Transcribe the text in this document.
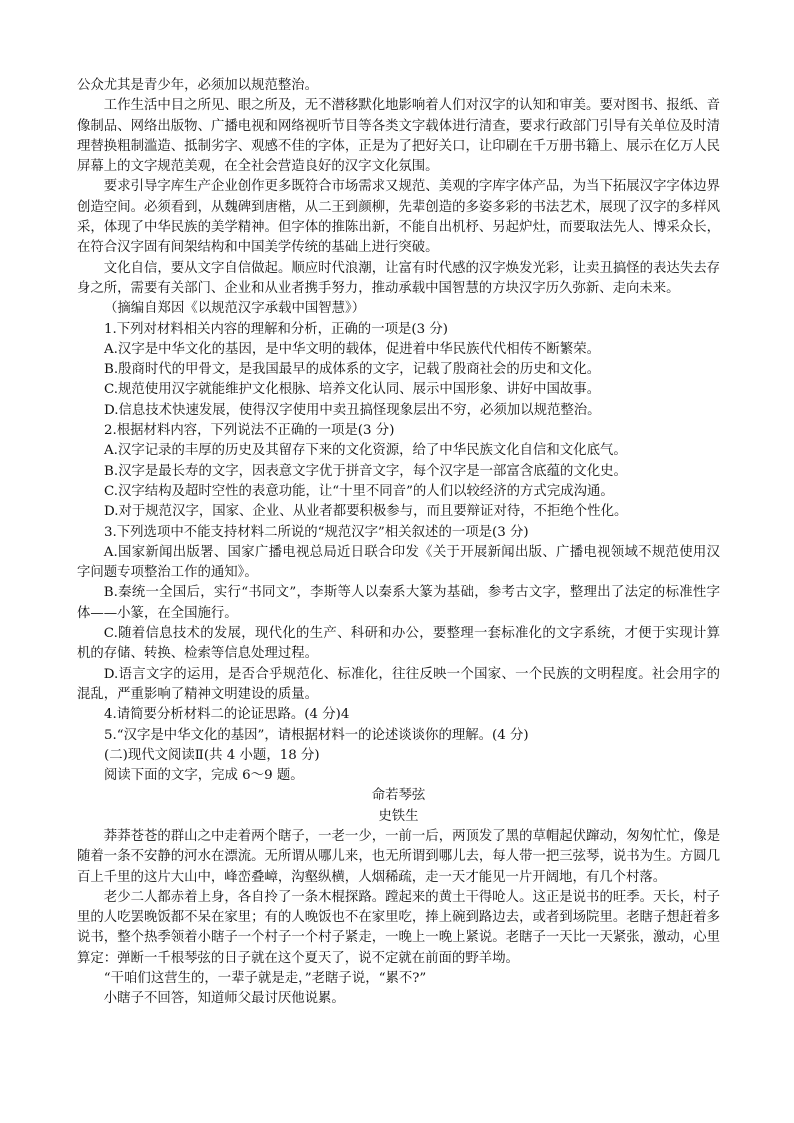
公众尤其是青少年，必须加以规范整治。

工作生活中目之所见、眼之所及，无不潜移默化地影响着人们对汉字的认知和审美。要对图书、报纸、音像制品、网络出版物、广播电视和网络视听节目等各类文字载体进行清查，要求行政部门引导有关单位及时清理替换粗制滥造、抵制劣字、观感不佳的字体，正是为了把好关口，让印刷在千万册书籍上、展示在亿万人民屏幕上的文字规范美观，在全社会营造良好的汉字文化氛围。

要求引导字库生产企业创作更多既符合市场需求又规范、美观的字库字体产品，为当下拓展汉字字体边界创造空间。必须看到，从魏碑到唐楷，从二王到颜柳，先辈创造的多姿多彩的书法艺术，展现了汉字的多样风采，体现了中华民族的美学精神。但字体的推陈出新，不能自出机杼、另起炉灶，而要取法先人、博采众长，在符合汉字固有间架结构和中国美学传统的基础上进行突破。

文化自信，要从文字自信做起。顺应时代浪潮，让富有时代感的汉字焕发光彩，让卖丑搞怪的表达失去存身之所，需要有关部门、企业和从业者携手努力，推动承载中国智慧的方块汉字历久弥新、走向未来。

（摘编自郑因《以规范汉字承载中国智慧》）

1.下列对材料相关内容的理解和分析，正确的一项是(3 分)

A.汉字是中华文化的基因，是中华文明的载体，促进着中华民族代代相传不断繁荣。

B.殷商时代的甲骨文，是我国最早的成体系的文字，记载了殷商社会的历史和文化。

C.规范使用汉字就能维护文化根脉、培养文化认同、展示中国形象、讲好中国故事。

D.信息技术快速发展，使得汉字使用中卖丑搞怪现象层出不穷，必须加以规范整治。

2.根据材料内容，下列说法不正确的一项是(3 分)

A.汉字记录的丰厚的历史及其留存下来的文化资源，给了中华民族文化自信和文化底气。

B.汉字是最长寿的文字，因表意文字优于拼音文字，每个汉字是一部富含底蕴的文化史。

C.汉字结构及超时空性的表意功能，让“十里不同音”的人们以较经济的方式完成沟通。

D.对于规范汉字，国家、企业、从业者都要积极参与，而且要辩证对待，不拒绝个性化。

3.下列选项中不能支持材料二所说的“规范汉字”相关叙述的一项是(3 分)

A.国家新闻出版署、国家广播电视总局近日联合印发《关于开展新闻出版、广播电视领域不规范使用汉字问题专项整治工作的通知》。

B.秦统一全国后，实行“书同文”，李斯等人以秦系大篆为基础，参考古文字，整理出了法定的标准性字体——小篆，在全国施行。

C.随着信息技术的发展，现代化的生产、科研和办公，要整理一套标准化的文字系统，才便于实现计算机的存储、转换、检索等信息处理过程。

D.语言文字的运用，是否合乎规范化、标准化，往往反映一个国家、一个民族的文明程度。社会用字的混乱，严重影响了精神文明建设的质量。

4.请简要分析材料二的论证思路。(4 分)4

5.“汉字是中华文化的基因”，请根据材料一的论述谈谈你的理解。(4 分)

(二)现代文阅读Ⅱ(共 4 小题，18 分)

阅读下面的文字，完成 6～9 题。

命若琴弦

史铁生

莽莽苍苍的群山之中走着两个瞎子，一老一少，一前一后，两顶发了黑的草帽起伏蹿动，匆匆忙忙，像是随着一条不安静的河水在漂流。无所谓从哪儿来，也无所谓到哪儿去，每人带一把三弦琴，说书为生。方圆几百上千里的这片大山中，峰峦叠嶂，沟壑纵横，人烟稀疏，走一天才能见一片开阔地，有几个村落。

老少二人都赤着上身，各自拎了一条木棍探路。蹚起来的黄土干得呛人。这正是说书的旺季。天长，村子里的人吃罢晚饭都不呆在家里；有的人晚饭也不在家里吃，捧上碗到路边去，或者到场院里。老瞎子想赶着多说书，整个热季领着小瞎子一个村子一个村子紧走，一晚上一晚上紧说。老瞎子一天比一天紧张，激动，心里算定：弹断一千根琴弦的日子就在这个夏天了，说不定就在前面的野羊坳。

“干咱们这营生的，一辈子就是走，”老瞎子说，“累不?”

小瞎子不回答，知道师父最讨厌他说累。
